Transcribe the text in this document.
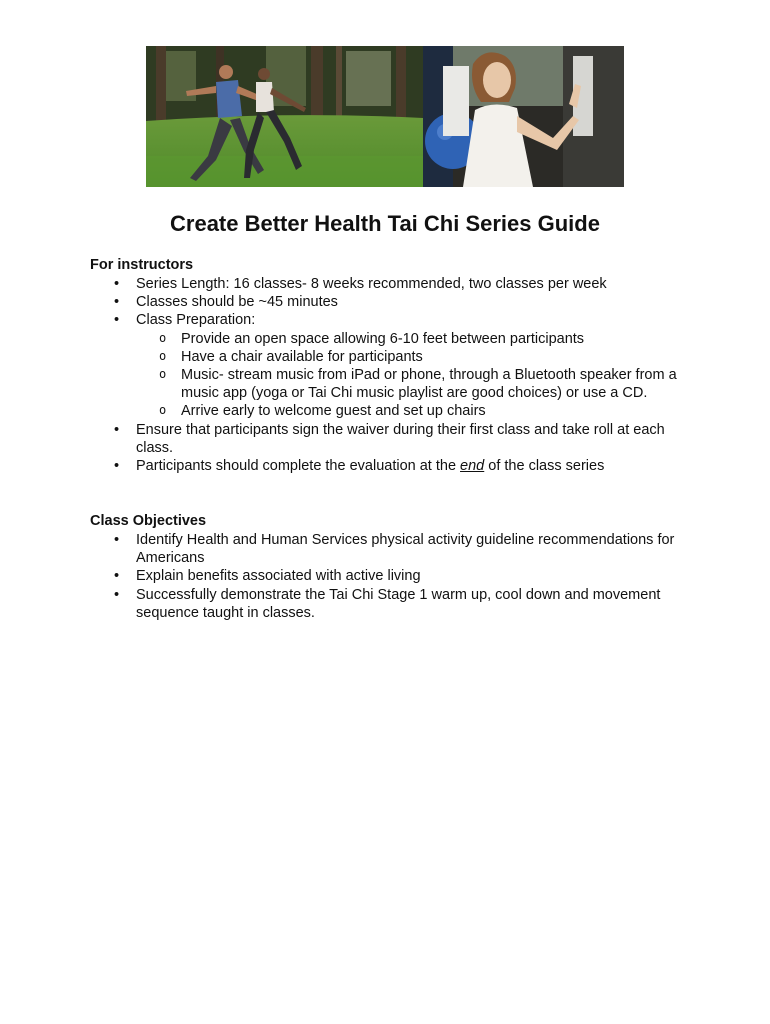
Create Better Health Tai Chi Series Guide
For instructors
• Series Length: 16 classes- 8 weeks recommended, two classes per week
• Classes should be ~45 minutes
• Class Preparation:
o Provide an open space allowing 6-10 feet between participants
o Have a chair available for participants
o Music- stream music from iPad or phone, through a Bluetooth speaker from a music app (yoga or Tai Chi music playlist are good choices) or use a CD.
o Arrive early to welcome guest and set up chairs
• Ensure that participants sign the waiver during their first class and take roll at each class.
• Participants should complete the evaluation at the end of the class series
Class Objectives
• Identify Health and Human Services physical activity guideline recommendations for Americans
• Explain benefits associated with active living
• Successfully demonstrate the Tai Chi Stage 1 warm up, cool down and movement sequence taught in classes.
